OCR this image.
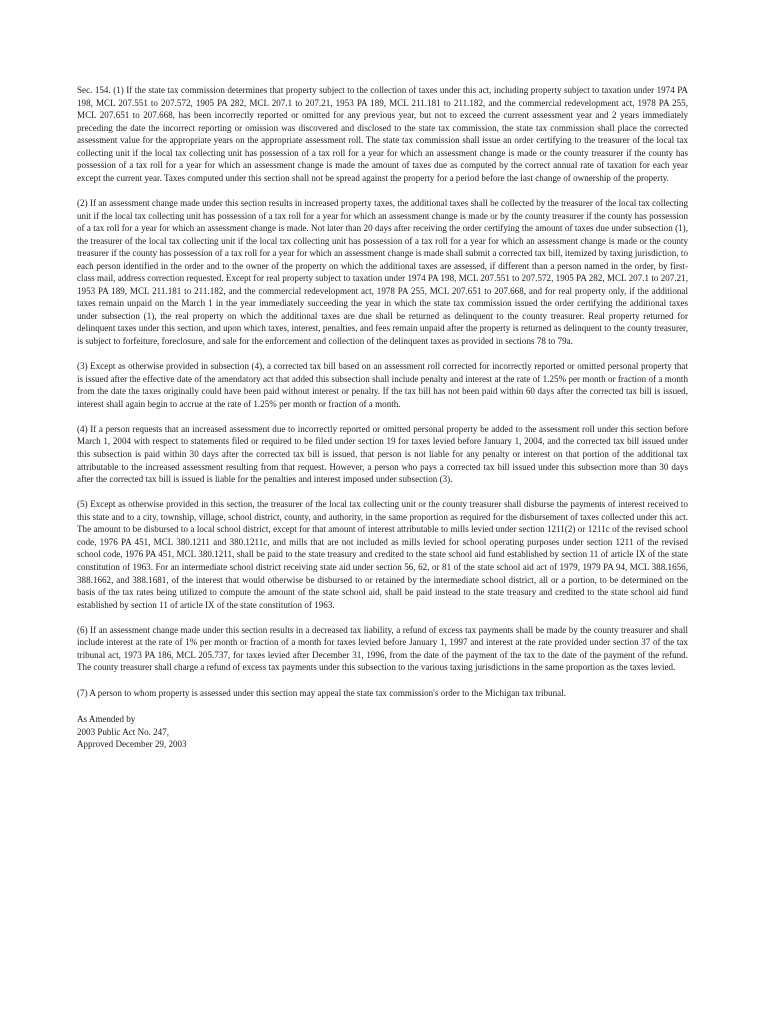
Sec. 154. (1) If the state tax commission determines that property subject to the collection of taxes under this act, including property subject to taxation under 1974 PA 198, MCL 207.551 to 207.572, 1905 PA 282, MCL 207.1 to 207.21, 1953 PA 189, MCL 211.181 to 211.182, and the commercial redevelopment act, 1978 PA 255, MCL 207.651 to 207.668, has been incorrectly reported or omitted for any previous year, but not to exceed the current assessment year and 2 years immediately preceding the date the incorrect reporting or omission was discovered and disclosed to the state tax commission, the state tax commission shall place the corrected assessment value for the appropriate years on the appropriate assessment roll. The state tax commission shall issue an order certifying to the treasurer of the local tax collecting unit if the local tax collecting unit has possession of a tax roll for a year for which an assessment change is made or the county treasurer if the county has possession of a tax roll for a year for which an assessment change is made the amount of taxes due as computed by the correct annual rate of taxation for each year except the current year. Taxes computed under this section shall not be spread against the property for a period before the last change of ownership of the property.

(2) If an assessment change made under this section results in increased property taxes, the additional taxes shall be collected by the treasurer of the local tax collecting unit if the local tax collecting unit has possession of a tax roll for a year for which an assessment change is made or by the county treasurer if the county has possession of a tax roll for a year for which an assessment change is made. Not later than 20 days after receiving the order certifying the amount of taxes due under subsection (1), the treasurer of the local tax collecting unit if the local tax collecting unit has possession of a tax roll for a year for which an assessment change is made or the county treasurer if the county has possession of a tax roll for a year for which an assessment change is made shall submit a corrected tax bill, itemized by taxing jurisdiction, to each person identified in the order and to the owner of the property on which the additional taxes are assessed, if different than a person named in the order, by first-class mail, address correction requested. Except for real property subject to taxation under 1974 PA 198, MCL 207.551 to 207.572, 1905 PA 282, MCL 207.1 to 207.21, 1953 PA 189, MCL 211.181 to 211.182, and the commercial redevelopment act, 1978 PA 255, MCL 207.651 to 207.668, and for real property only, if the additional taxes remain unpaid on the March 1 in the year immediately succeeding the year in which the state tax commission issued the order certifying the additional taxes under subsection (1), the real property on which the additional taxes are due shall be returned as delinquent to the county treasurer. Real property returned for delinquent taxes under this section, and upon which taxes, interest, penalties, and fees remain unpaid after the property is returned as delinquent to the county treasurer, is subject to forfeiture, foreclosure, and sale for the enforcement and collection of the delinquent taxes as provided in sections 78 to 79a.

(3) Except as otherwise provided in subsection (4), a corrected tax bill based on an assessment roll corrected for incorrectly reported or omitted personal property that is issued after the effective date of the amendatory act that added this subsection shall include penalty and interest at the rate of 1.25% per month or fraction of a month from the date the taxes originally could have been paid without interest or penalty. If the tax bill has not been paid within 60 days after the corrected tax bill is issued, interest shall again begin to accrue at the rate of 1.25% per month or fraction of a month.

(4) If a person requests that an increased assessment due to incorrectly reported or omitted personal property be added to the assessment roll under this section before March 1, 2004 with respect to statements filed or required to be filed under section 19 for taxes levied before January 1, 2004, and the corrected tax bill issued under this subsection is paid within 30 days after the corrected tax bill is issued, that person is not liable for any penalty or interest on that portion of the additional tax attributable to the increased assessment resulting from that request. However, a person who pays a corrected tax bill issued under this subsection more than 30 days after the corrected tax bill is issued is liable for the penalties and interest imposed under subsection (3).

(5) Except as otherwise provided in this section, the treasurer of the local tax collecting unit or the county treasurer shall disburse the payments of interest received to this state and to a city, township, village, school district, county, and authority, in the same proportion as required for the disbursement of taxes collected under this act. The amount to be disbursed to a local school district, except for that amount of interest attributable to mills levied under section 1211(2) or 1211c of the revised school code, 1976 PA 451, MCL 380.1211 and 380.1211c, and mills that are not included as mills levied for school operating purposes under section 1211 of the revised school code, 1976 PA 451, MCL 380.1211, shall be paid to the state treasury and credited to the state school aid fund established by section 11 of article IX of the state constitution of 1963. For an intermediate school district receiving state aid under section 56, 62, or 81 of the state school aid act of 1979, 1979 PA 94, MCL 388.1656, 388.1662, and 388.1681, of the interest that would otherwise be disbursed to or retained by the intermediate school district, all or a portion, to be determined on the basis of the tax rates being utilized to compute the amount of the state school aid, shall be paid instead to the state treasury and credited to the state school aid fund established by section 11 of article IX of the state constitution of 1963.

(6) If an assessment change made under this section results in a decreased tax liability, a refund of excess tax payments shall be made by the county treasurer and shall include interest at the rate of 1% per month or fraction of a month for taxes levied before January 1, 1997 and interest at the rate provided under section 37 of the tax tribunal act, 1973 PA 186, MCL 205.737, for taxes levied after December 31, 1996, from the date of the payment of the tax to the date of the payment of the refund. The county treasurer shall charge a refund of excess tax payments under this subsection to the various taxing jurisdictions in the same proportion as the taxes levied.

(7) A person to whom property is assessed under this section may appeal the state tax commission's order to the Michigan tax tribunal.

As Amended by
2003 Public Act No. 247,
Approved December 29, 2003
